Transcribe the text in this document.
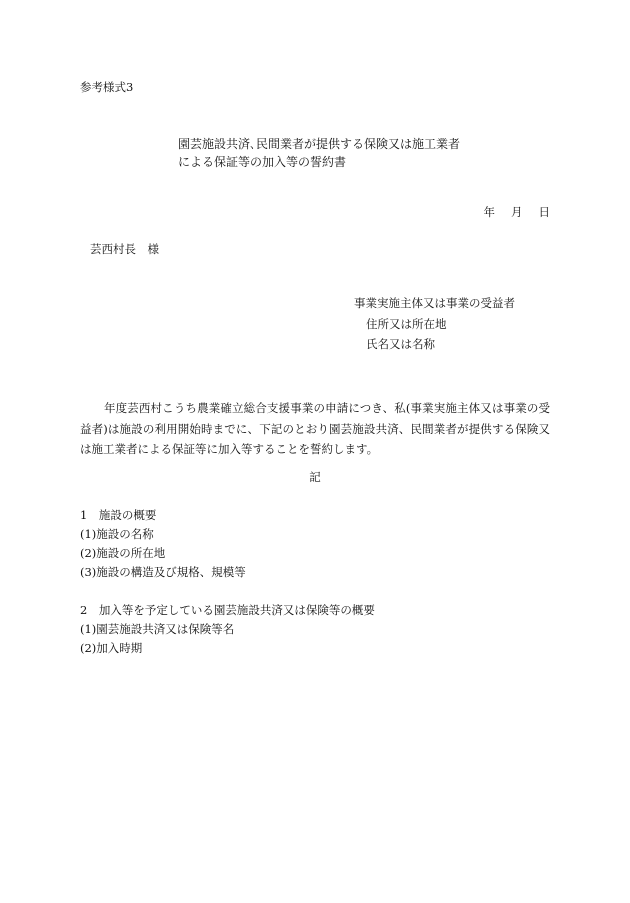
参考様式3
園芸施設共済､民間業者が提供する保険又は施工業者
による保証等の加入等の誓約書
年 月 日
芸西村長　様
事業実施主体又は事業の受益者
住所又は所在地
氏名又は名称
年度芸西村こうち農業確立総合支援事業の申請につき、私(事業実施主体又は事業の受益者)は施設の利用開始時までに、下記のとおり園芸施設共済、民間業者が提供する保険又は施工業者による保証等に加入等することを誓約します。
記
1　施設の概要
(1)施設の名称
(2)施設の所在地
(3)施設の構造及び規格、規模等
2　加入等を予定している園芸施設共済又は保険等の概要
(1)園芸施設共済又は保険等名
(2)加入時期
